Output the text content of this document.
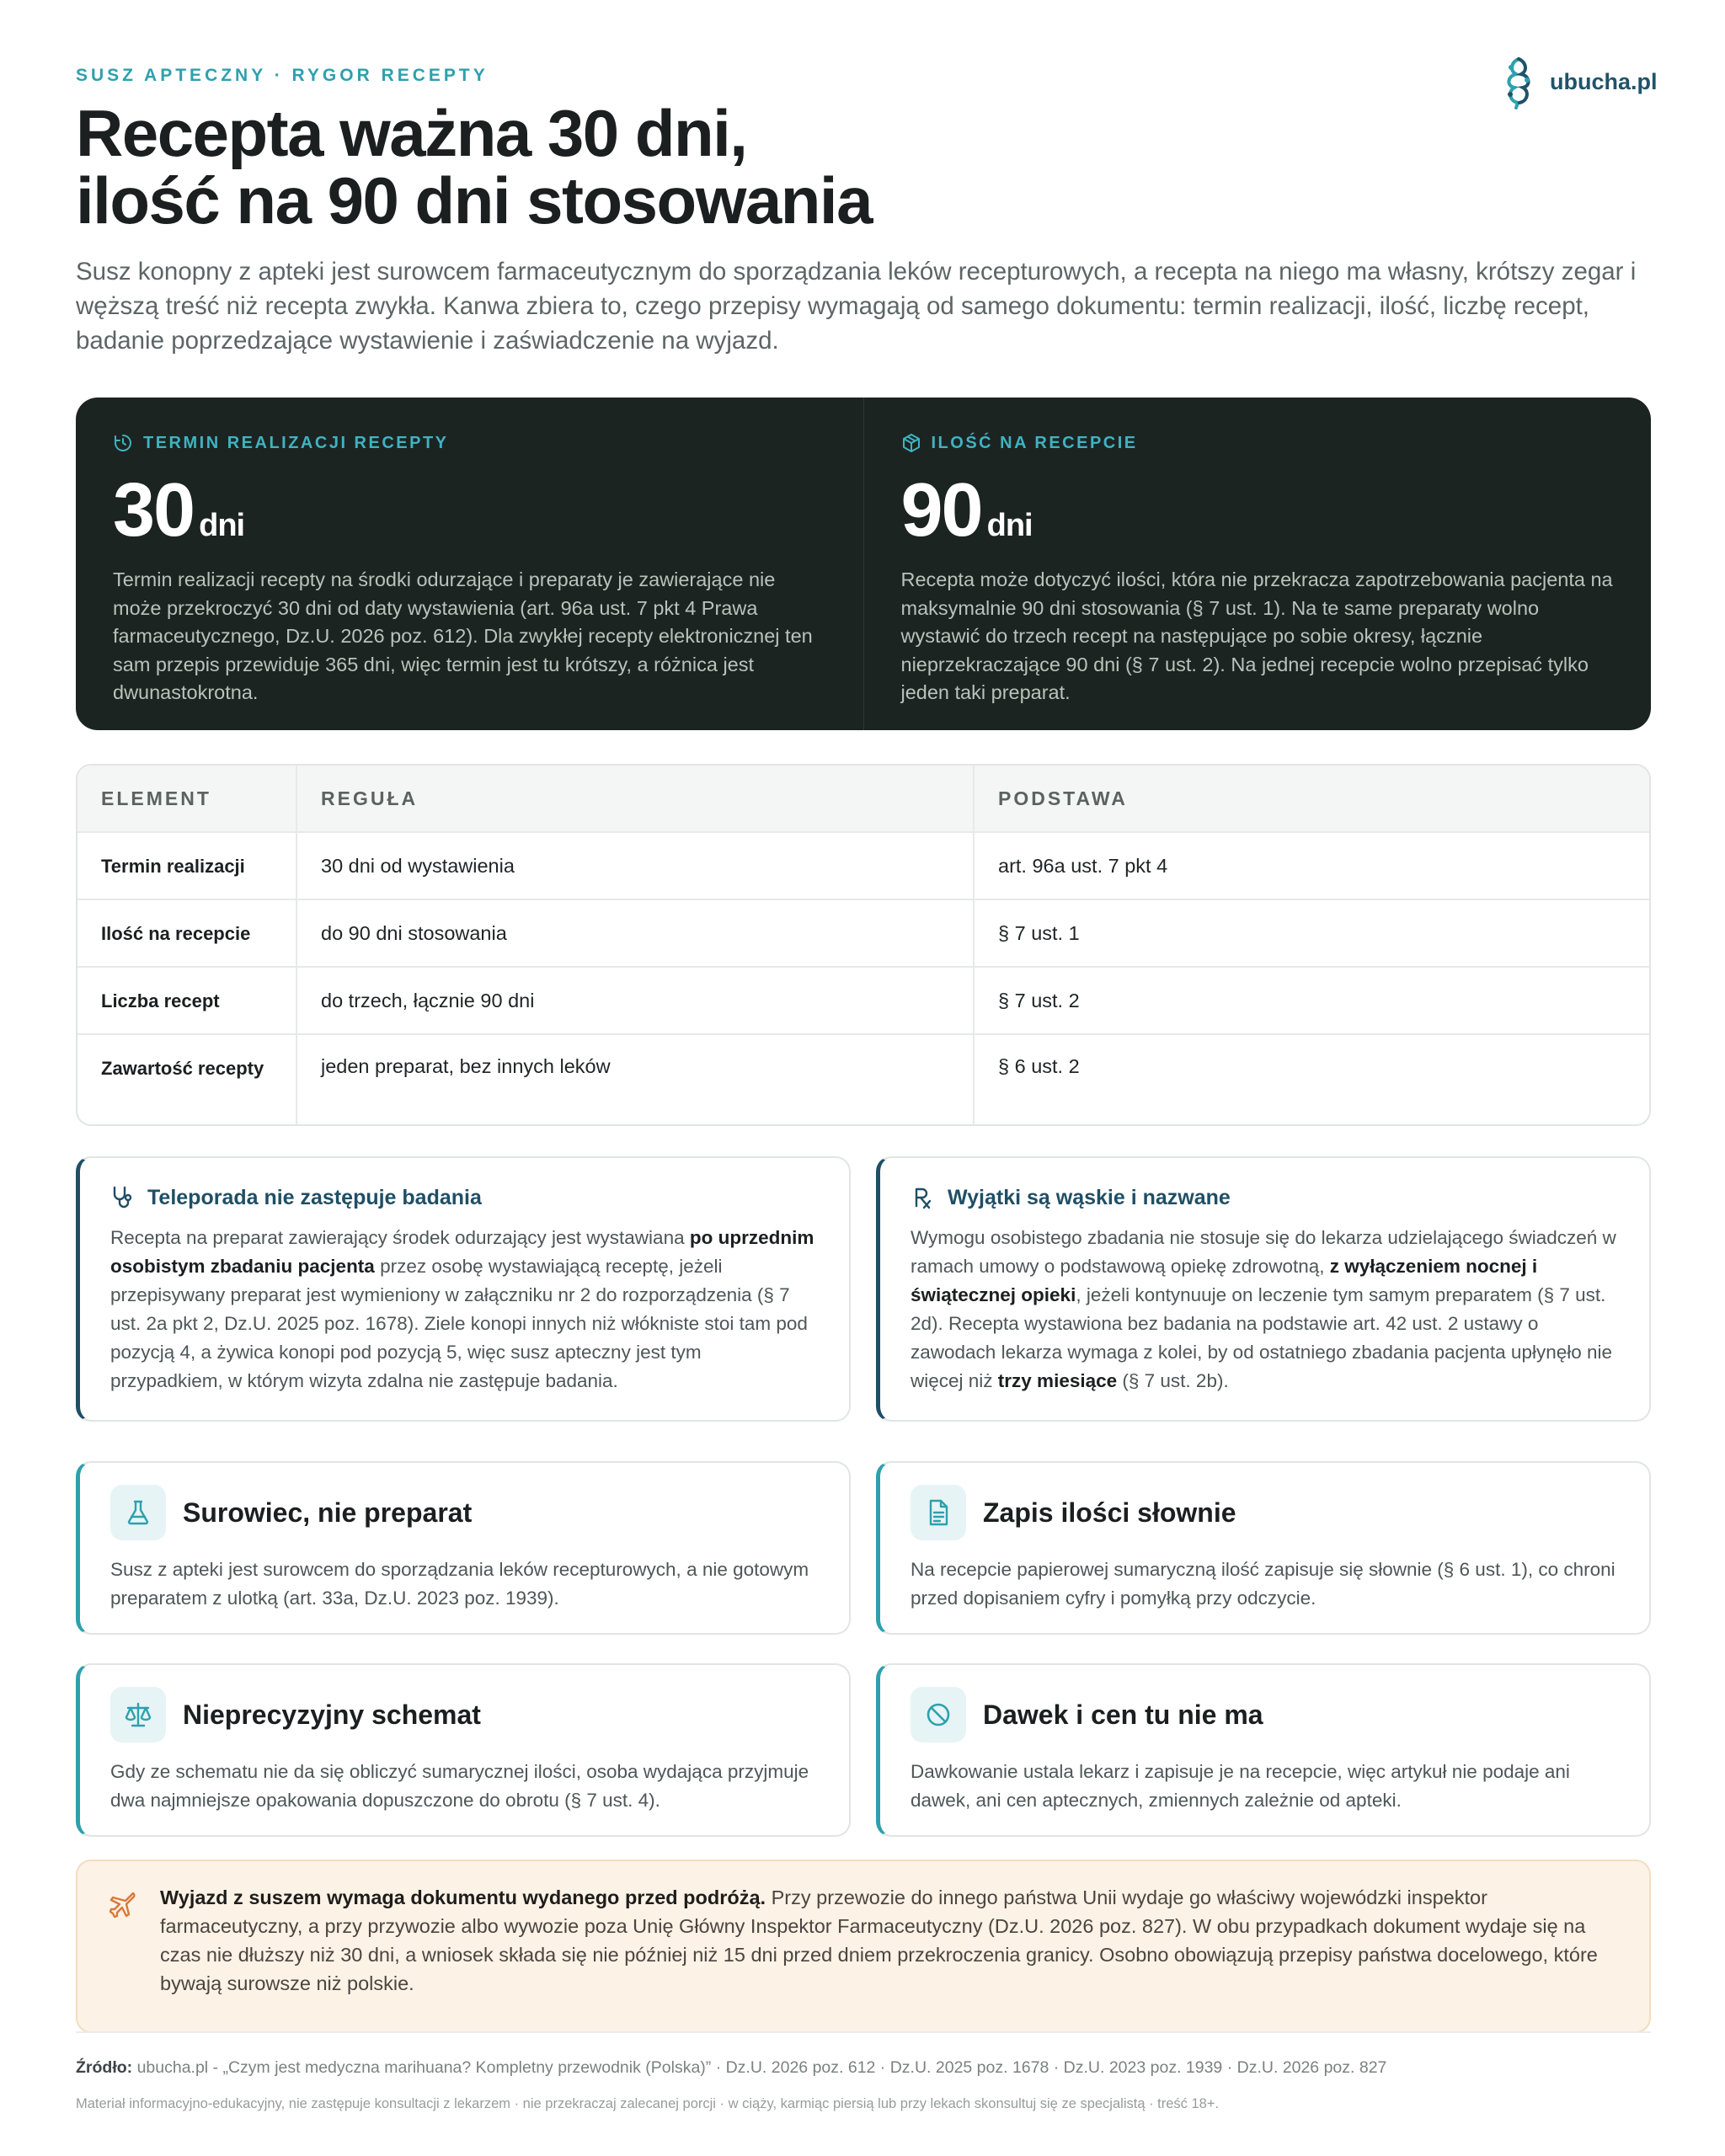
SUSZ APTECZNY · RYGOR RECEPTY	ubucha.pl
Recepta ważna 30 dni,
ilość na 90 dni stosowania

Susz konopny z apteki jest surowcem farmaceutycznym do sporządzania leków recepturowych, a recepta na niego ma własny, krótszy zegar i węższą treść niż recepta zwykła. Kanwa zbiera to, czego przepisy wymagają od samego dokumentu: termin realizacji, ilość, liczbę recept, badanie poprzedzające wystawienie i zaświadczenie na wyjazd.

TERMIN REALIZACJI RECEPTY
30 dni

Termin realizacji recepty na środki odurzające i preparaty je zawierające nie może przekroczyć 30 dni od daty wystawienia (art. 96a ust. 7 pkt 4 Prawa farmaceutycznego, Dz.U. 2026 poz. 612). Dla zwykłej recepty elektronicznej ten sam przepis przewiduje 365 dni, więc termin jest tu krótszy, a różnica jest dwunastokrotna.

ILOŚĆ NA RECEPCIE
90 dni

Recepta może dotyczyć ilości, która nie przekracza zapotrzebowania pacjenta na maksymalnie 90 dni stosowania (§ 7 ust. 1). Na te same preparaty wolno wystawić do trzech recept na następujące po sobie okresy, łącznie nieprzekraczające 90 dni (§ 7 ust. 2). Na jednej recepcie wolno przepisać tylko jeden taki preparat.

ELEMENT	REGUŁA	PODSTAWA
Termin realizacji	30 dni od wystawienia	art. 96a ust. 7 pkt 4
Ilość na recepcie	do 90 dni stosowania	§ 7 ust. 1
Liczba recept	do trzech, łącznie 90 dni	§ 7 ust. 2
Zawartość recepty	jeden preparat, bez innych leków	§ 6 ust. 2
Teleporada nie zastępuje badania

Recepta na preparat zawierający środek odurzający jest wystawiana po uprzednim osobistym zbadaniu pacjenta przez osobę wystawiającą receptę, jeżeli przepisywany preparat jest wymieniony w załączniku nr 2 do rozporządzenia (§ 7 ust. 2a pkt 2, Dz.U. 2025 poz. 1678). Ziele konopi innych niż włókniste stoi tam pod pozycją 4, a żywica konopi pod pozycją 5, więc susz apteczny jest tym przypadkiem, w którym wizyta zdalna nie zastępuje badania.

Wyjątki są wąskie i nazwane

Wymogu osobistego zbadania nie stosuje się do lekarza udzielającego świadczeń w ramach umowy o podstawową opiekę zdrowotną, z wyłączeniem nocnej i świątecznej opieki, jeżeli kontynuuje on leczenie tym samym preparatem (§ 7 ust. 2d). Recepta wystawiona bez badania na podstawie art. 42 ust. 2 ustawy o zawodach lekarza wymaga z kolei, by od ostatniego zbadania pacjenta upłynęło nie więcej niż trzy miesiące (§ 7 ust. 2b).

Surowiec, nie preparat

Susz z apteki jest surowcem do sporządzania leków recepturowych, a nie gotowym preparatem z ulotką (art. 33a, Dz.U. 2023 poz. 1939).

Zapis ilości słownie

Na recepcie papierowej sumaryczną ilość zapisuje się słownie (§ 6 ust. 1), co chroni przed dopisaniem cyfry i pomyłką przy odczycie.

Nieprecyzyjny schemat

Gdy ze schematu nie da się obliczyć sumarycznej ilości, osoba wydająca przyjmuje dwa najmniejsze opakowania dopuszczone do obrotu (§ 7 ust. 4).

Dawek i cen tu nie ma

Dawkowanie ustala lekarz i zapisuje je na recepcie, więc artykuł nie podaje ani dawek, ani cen aptecznych, zmiennych zależnie od apteki.

Wyjazd z suszem wymaga dokumentu wydanego przed podróżą. Przy przewozie do innego państwa Unii wydaje go właściwy wojewódzki inspektor farmaceutyczny, a przy przywozie albo wywozie poza Unię Główny Inspektor Farmaceutyczny (Dz.U. 2026 poz. 827). W obu przypadkach dokument wydaje się na czas nie dłuższy niż 30 dni, a wniosek składa się nie później niż 15 dni przed dniem przekroczenia granicy. Osobno obowiązują przepisy państwa docelowego, które bywają surowsze niż polskie.

Źródło: ubucha.pl - „Czym jest medyczna marihuana? Kompletny przewodnik (Polska)” · Dz.U. 2026 poz. 612 · Dz.U. 2025 poz. 1678 · Dz.U. 2023 poz. 1939 · Dz.U. 2026 poz. 827

Materiał informacyjno-edukacyjny, nie zastępuje konsultacji z lekarzem · nie przekraczaj zalecanej porcji · w ciąży, karmiąc piersią lub przy lekach skonsultuj się ze specjalistą · treść 18+.
